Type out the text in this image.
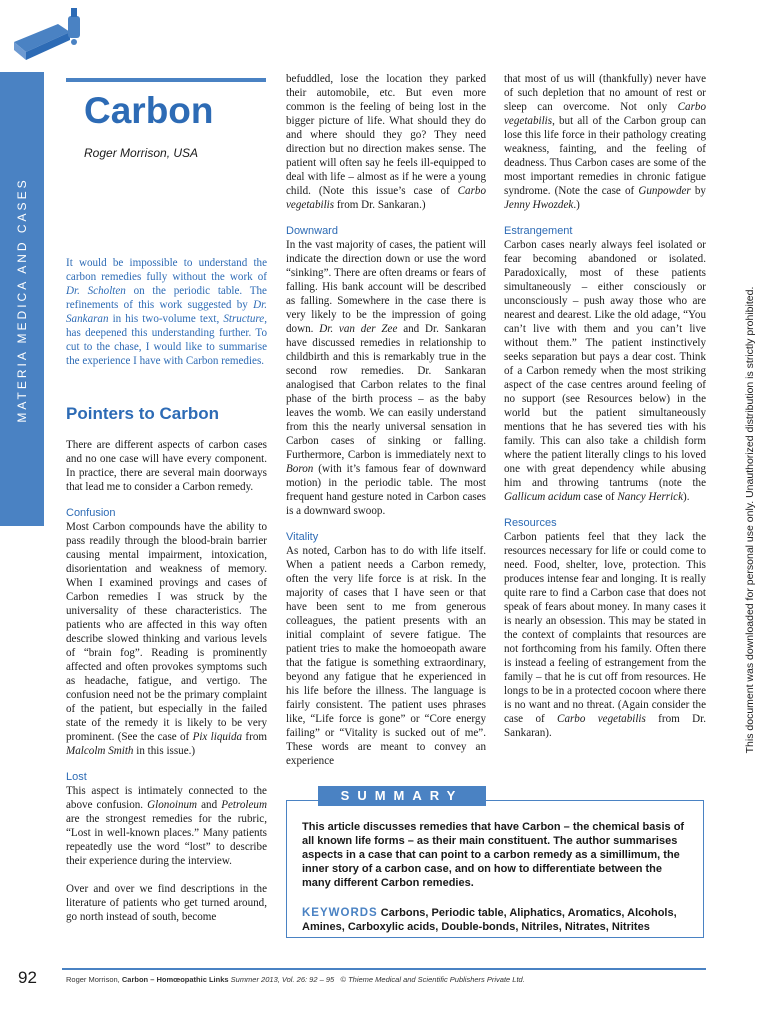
MATERIA MEDICA AND CASES
Carbon
Roger Morrison, USA
It would be impossible to understand the carbon remedies fully without the work of Dr. Scholten on the periodic table. The refinements of this work suggested by Dr. Sankaran in his two-volume text, Structure, has deepened this understanding further. To cut to the chase, I would like to summarise the experience I have with Carbon remedies.
Pointers to Carbon

There are different aspects of carbon cases and no one case will have every component. In practice, there are several main doorways that lead me to consider a Carbon remedy.

Confusion

Most Carbon compounds have the ability to pass readily through the blood-brain barrier causing mental impairment, intoxication, disorientation and weakness of memory. When I examined provings and cases of Carbon remedies I was struck by the universality of these characteristics. The patients who are affected in this way often describe slowed thinking and various levels of “brain fog”. Reading is prominently affected and often provokes symptoms such as headache, fatigue, and vertigo. The confusion need not be the primary complaint of the patient, but especially in the failed state of the remedy it is likely to be very prominent. (See the case of Pix liquida from Malcolm Smith in this issue.)

Lost

This aspect is intimately connected to the above confusion. Glonoinum and Petroleum are the strongest remedies for the rubric, “Lost in well-known places.” Many patients repeatedly use the word “lost” to describe their experience during the interview.

Over and over we find descriptions in the literature of patients who get turned around, go north instead of south, become

befuddled, lose the location they parked their automobile, etc. But even more common is the feeling of being lost in the bigger picture of life. What should they do and where should they go? They need direction but no direction makes sense. The patient will often say he feels ill-equipped to deal with life – almost as if he were a young child. (Note this issue’s case of Carbo vegetabilis from Dr. Sankaran.)

Downward

In the vast majority of cases, the patient will indicate the direction down or use the word “sinking”. There are often dreams or fears of falling. His bank account will be described as falling. Somewhere in the case there is very likely to be the impression of going down. Dr. van der Zee and Dr. Sankaran have discussed remedies in relationship to childbirth and this is remarkably true in the second row remedies. Dr. Sankaran analogised that Carbon relates to the final phase of the birth process – as the baby leaves the womb. We can easily understand from this the nearly universal sensation in Carbon cases of sinking or falling. Furthermore, Carbon is immediately next to Boron (with it’s famous fear of downward motion) in the periodic table. The most frequent hand gesture noted in Carbon cases is a downward swoop.

Vitality

As noted, Carbon has to do with life itself. When a patient needs a Carbon remedy, often the very life force is at risk. In the majority of cases that I have seen or that have been sent to me from generous colleagues, the patient presents with an initial complaint of severe fatigue. The patient tries to make the homoeopath aware that the fatigue is something extraordinary, beyond any fatigue that he experienced in his life before the illness. The language is fairly consistent. The patient uses phrases like, “Life force is gone” or “Core energy failing” or “Vitality is sucked out of me”. These words are meant to convey an experience

that most of us will (thankfully) never have of such depletion that no amount of rest or sleep can overcome. Not only Carbo vegetabilis, but all of the Carbon group can lose this life force in their pathology creating weakness, fainting, and the feeling of deadness. Thus Carbon cases are some of the most important remedies in chronic fatigue syndrome. (Note the case of Gunpowder by Jenny Hwozdek.)

Estrangement

Carbon cases nearly always feel isolated or fear becoming abandoned or isolated. Paradoxically, most of these patients simultaneously – either consciously or unconsciously – push away those who are nearest and dearest. Like the old adage, “You can’t live with them and you can’t live without them.” The patient instinctively seeks separation but pays a dear cost. Think of a Carbon remedy when the most striking aspect of the case centres around feeling of no support (see Resources below) in the world but the patient simultaneously mentions that he has severed ties with his family. This can also take a childish form where the patient literally clings to his loved one with great dependency while abusing him and throwing tantrums (note the Gallicum acidum case of Nancy Herrick).

Resources

Carbon patients feel that they lack the resources necessary for life or could come to need. Food, shelter, love, protection. This produces intense fear and longing. It is really quite rare to find a Carbon case that does not speak of fears about money. In many cases it is nearly an obsession. This may be stated in the context of complaints that resources are not forthcoming from his family. Often there is instead a feeling of estrangement from the family – that he is cut off from resources. He longs to be in a protected cocoon where there is no want and no threat. (Again consider the case of Carbo vegetabilis from Dr. Sankaran).

SUMMARY
This article discusses remedies that have Carbon – the chemical basis of all known life forms – as their main constituent. The author summarises aspects in a case that can point to a carbon remedy as a simillimum, the inner story of a carbon case, and on how to differentiate between the many different Carbon remedies.
KEYWORDS Carbons, Periodic table, Aliphatics, Aromatics, Alcohols, Amines, Carboxylic acids, Double-bonds, Nitriles, Nitrates, Nitrites
92	Roger Morrison, Carbon – Homœopathic Links Summer 2013, Vol. 26: 92 – 95   © Thieme Medical and Scientific Publishers Private Ltd.
This document was downloaded for personal use only. Unauthorized distribution is strictly prohibited.
